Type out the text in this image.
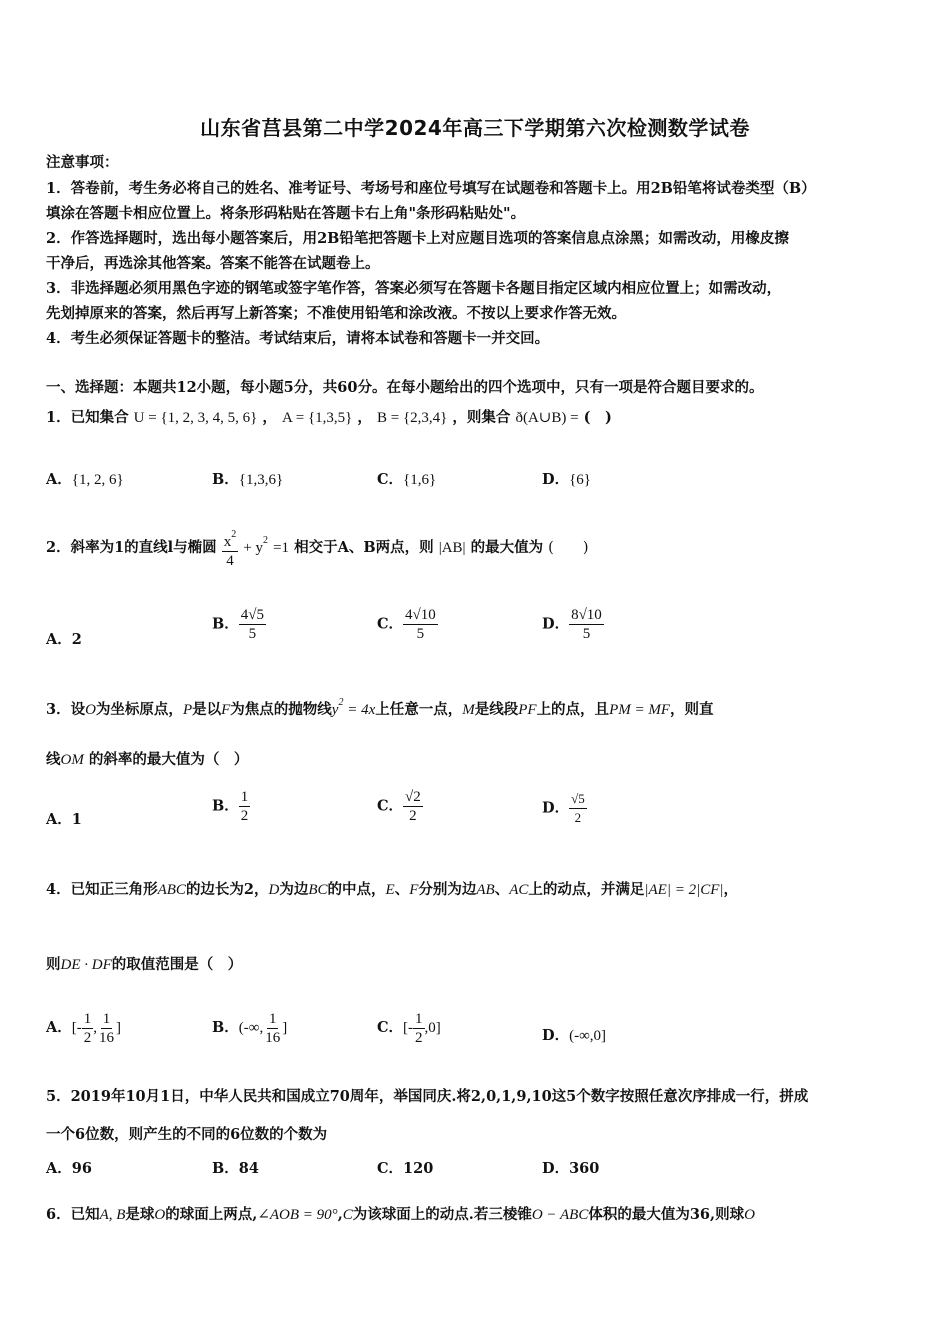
山东省莒县第二中学2024年高三下学期第六次检测数学试卷
注意事项：
1．答卷前，考生务必将自己的姓名、准考证号、考场号和座位号填写在试题卷和答题卡上。用2B铅笔将试卷类型（B）
填涂在答题卡相应位置上。将条形码粘贴在答题卡右上角"条形码粘贴处"。
2．作答选择题时，选出每小题答案后，用2B铅笔把答题卡上对应题目选项的答案信息点涂黑；如需改动，用橡皮擦
干净后，再选涂其他答案。答案不能答在试题卷上。
3．非选择题必须用黑色字迹的钢笔或签字笔作答，答案必须写在答题卡各题目指定区域内相应位置上；如需改动，
先划掉原来的答案，然后再写上新答案；不准使用铅笔和涂改液。不按以上要求作答无效。
4．考生必须保证答题卡的整洁。考试结束后，请将本试卷和答题卡一并交回。
一、选择题：本题共12小题，每小题5分，共60分。在每小题给出的四个选项中，只有一项是符合题目要求的。
1．已知集合 U = {1, 2, 3, 4, 5, 6} ， A = {1,3,5} ， B = {2,3,4} ，则集合 ð(A∪B) = (　)
A．{1, 2, 6}	B．{1,3,6}	C．{1,6}	D．{6}
2．斜率为1的直线l与椭圆 $\frac{x^2}{4} + y^2 =1$ 相交于A、B两点，则 |AB| 的最大值为 (　　)
A．2
B． $\frac{4√5}{5}$	C． $\frac{4√10}{5}$	D． $\frac{8√10}{5}$
3．设O为坐标原点，P是以F为焦点的抛物线$y^2 = 4x$上任意一点，M是线段PF上的点，且PM = MF，则直
线OM 的斜率的最大值为（　）
A．1
B． $\frac{1}{2}$	C． $\frac{√2}{2}$	D． $\frac{√5}{2}$
4．已知正三角形ABC的边长为2，D为边BC的中点，E、F分别为边AB、AC上的动点，并满足|AE| = 2|CF|，
则DE · DF的取值范围是（　）
A．[- $\frac{1}{2}$ , $\frac{1}{16}$ ]	B．(-∞, $\frac{1}{16}$ ]	C．[- $\frac{1}{2} ,0$]	D．(-∞,0]
5．2019年10月1日，中华人民共和国成立70周年，举国同庆.将2,0,1,9,10这5个数字按照任意次序排成一行，拼成
一个6位数，则产生的不同的6位数的个数为
A．96	B．84	C．120	D．360
6．已知A, B是球O的球面上两点,∠AOB = 90°,C为该球面上的动点.若三棱锥O − ABC体积的最大值为36,则球O
